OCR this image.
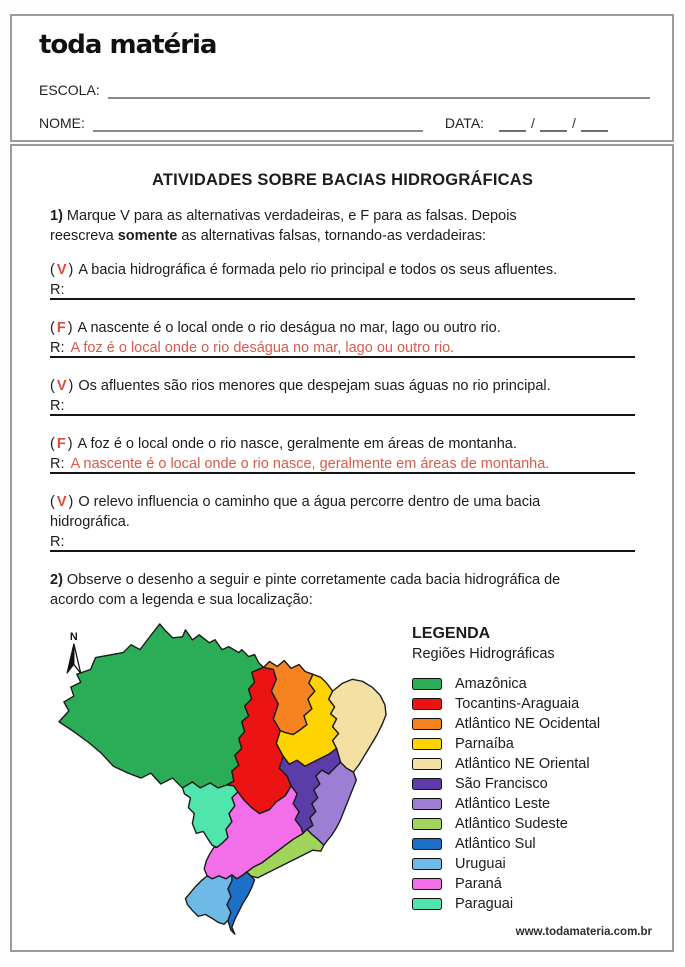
toda matéria
ESCOLA:
NOME:	DATA:	/	/
ATIVIDADES SOBRE BACIAS HIDROGRÁFICAS

1) Marque V para as alternativas verdadeiras, e F para as falsas. Depois reescreva somente as alternativas falsas, tornando-as verdadeiras:

( V ) A bacia hidrográfica é formada pelo rio principal e todos os seus afluentes.

R:

( F ) A nascente é o local onde o rio deságua no mar, lago ou outro rio.

R: A foz é o local onde o rio deságua no mar, lago ou outro rio.

( V ) Os afluentes são rios menores que despejam suas águas no rio principal.

R:

( F ) A foz é o local onde o rio nasce, geralmente em áreas de montanha.

R: A nascente é o local onde o rio nasce, geralmente em áreas de montanha.

( V ) O relevo influencia o caminho que a água percorre dentro de uma bacia hidrográfica.

R:

2) Observe o desenho a seguir e pinte corretamente cada bacia hidrográfica de acordo com a legenda e sua localização:

N	LEGENDA

Regiões Hidrográficas

Amazônica
Tocantins-Araguaia
Atlântico NE Ocidental
Parnaíba
Atlântico NE Oriental
São Francisco
Atlântico Leste
Atlântico Sudeste
Atlântico Sul
Uruguai
Paraná
Paraguai
www.todamateria.com.br
